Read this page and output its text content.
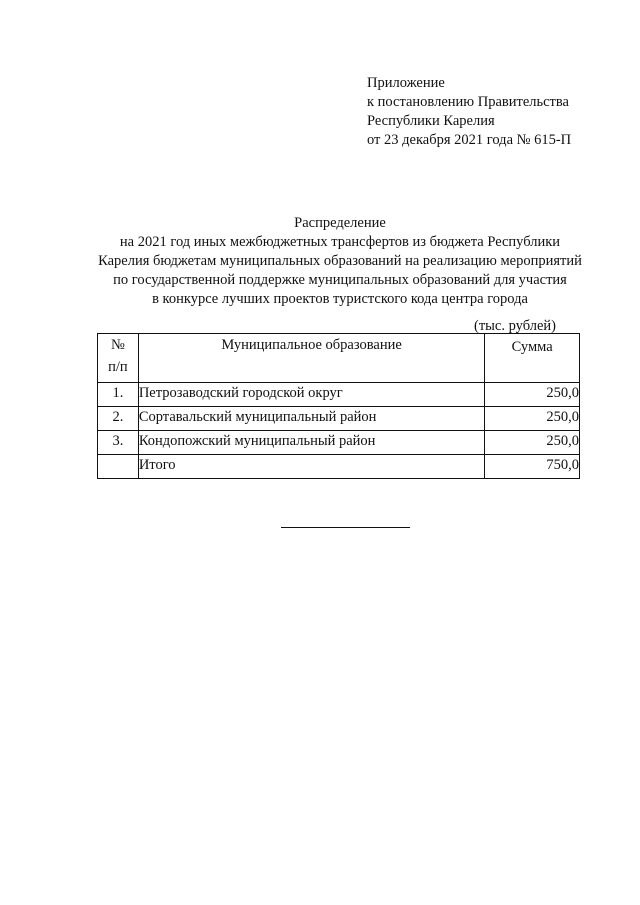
Приложение
к постановлению Правительства
Республики Карелия
от 23 декабря 2021 года № 615-П
Распределение
на 2021 год иных межбюджетных трансфертов из бюджета Республики
Карелия бюджетам муниципальных образований на реализацию мероприятий
по государственной поддержке муниципальных образований для участия
в конкурсе лучших проектов туристского кода центра города
(тыс. рублей)
№
п/п	Муниципальное образование	Сумма
1.	Петрозаводский городской округ	250,0
2.	Сортавальский муниципальный район	250,0
3.	Кондопожский муниципальный район	250,0
	Итого	750,0
